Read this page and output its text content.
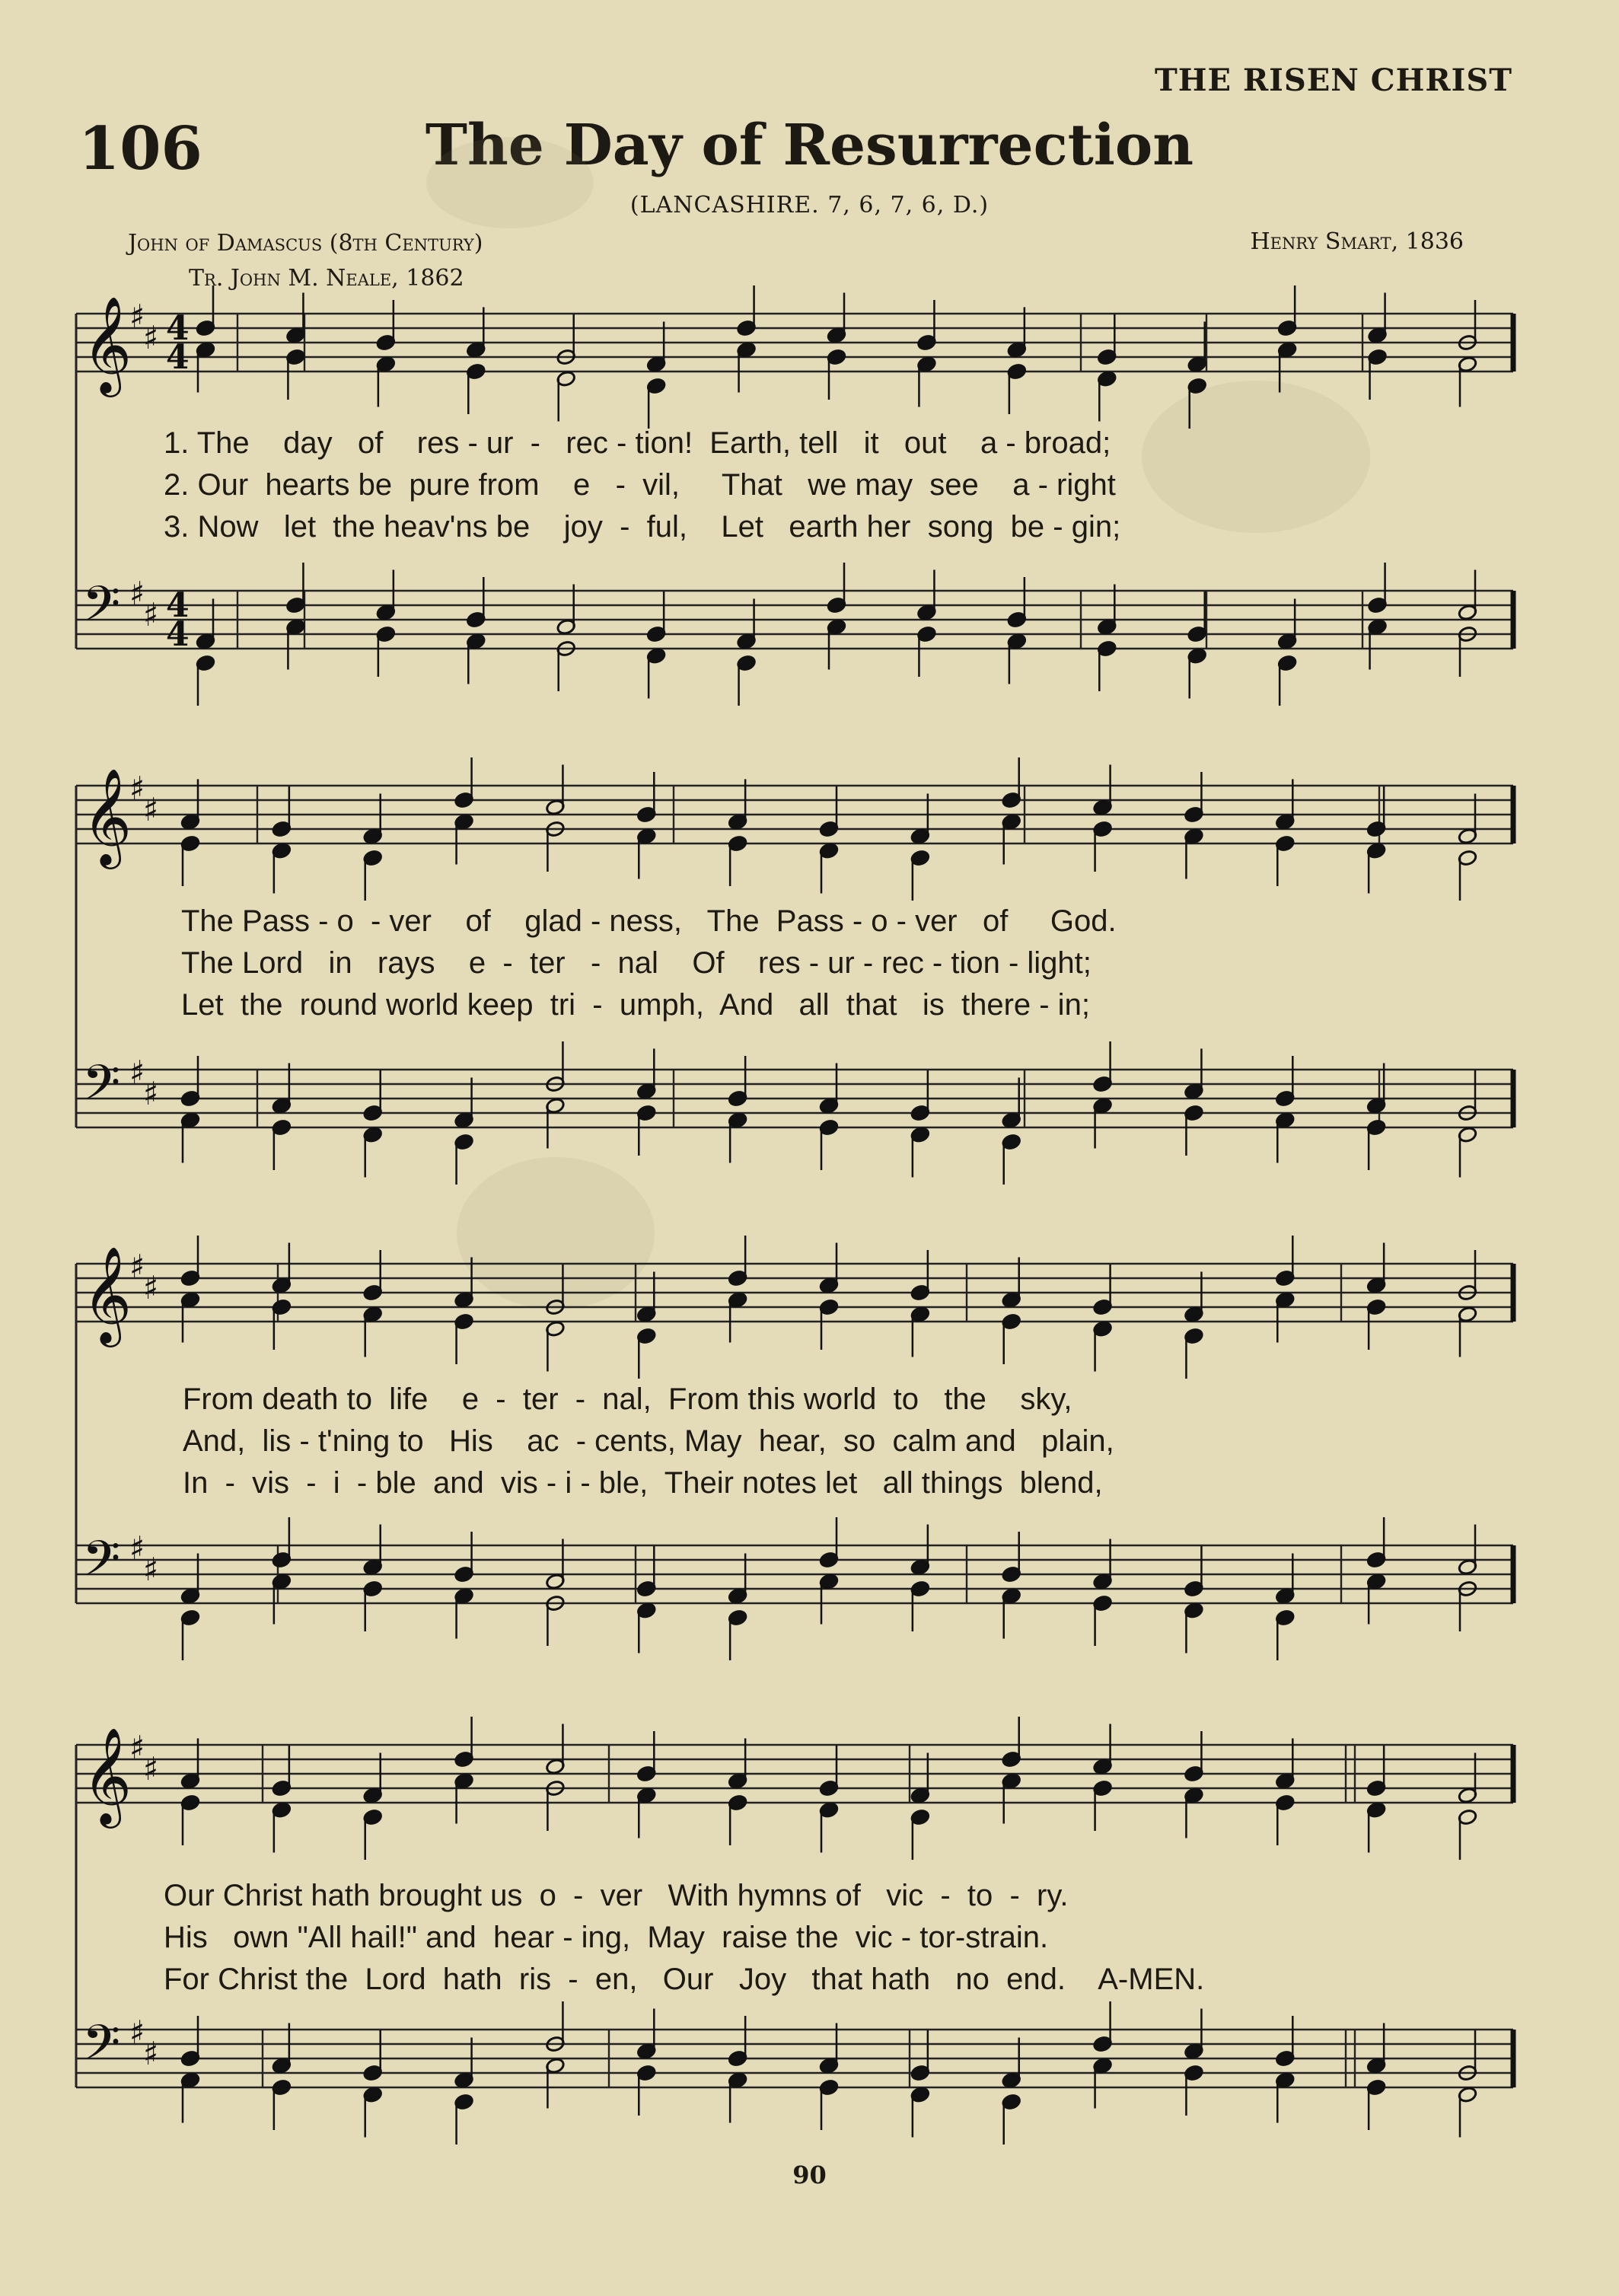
THE RISEN CHRIST
106	The Day of Resurrection
(LANCASHIRE. 7, 6, 7, 6, D.)
John of Damascus (8th Century)
Tr. John M. Neale, 1862
Henry Smart, 1836
𝄞
♯
♯ 4
4
𝄢 ♯
♯ 4
4
𝄞
♯
♯
𝄢 ♯
♯
𝄞
♯
♯
𝄢 ♯
♯
𝄞
♯
♯
𝄢 ♯
♯
1. The    day   of    res - ur  -   rec - tion!  Earth, tell   it   out    a - broad;
2. Our  hearts be  pure from    e   -  vil,     That   we may  see    a - right
3. Now   let  the heav'ns be    joy  -  ful,    Let   earth her  song  be - gin;
The Pass - o  - ver    of    glad - ness,   The  Pass - o - ver   of     God.
The Lord   in   rays    e  -  ter   -  nal    Of    res - ur - rec - tion - light;
Let  the  round world keep  tri  -  umph,  And   all  that   is  there - in;
From death to  life    e  -  ter  -  nal,  From this world  to   the    sky,
And,  lis - t'ning to   His    ac  - cents, May  hear,  so  calm and   plain,
In  -  vis  -  i  - ble  and  vis - i - ble,  Their notes let   all things  blend,
Our Christ hath brought us  o  -  ver   With hymns of   vic  -  to  -  ry.
His   own "All hail!" and  hear - ing,  May  raise the  vic - tor-strain.
For Christ the  Lord  hath  ris  -  en,   Our   Joy   that hath   no  end.    A-MEN.
90
